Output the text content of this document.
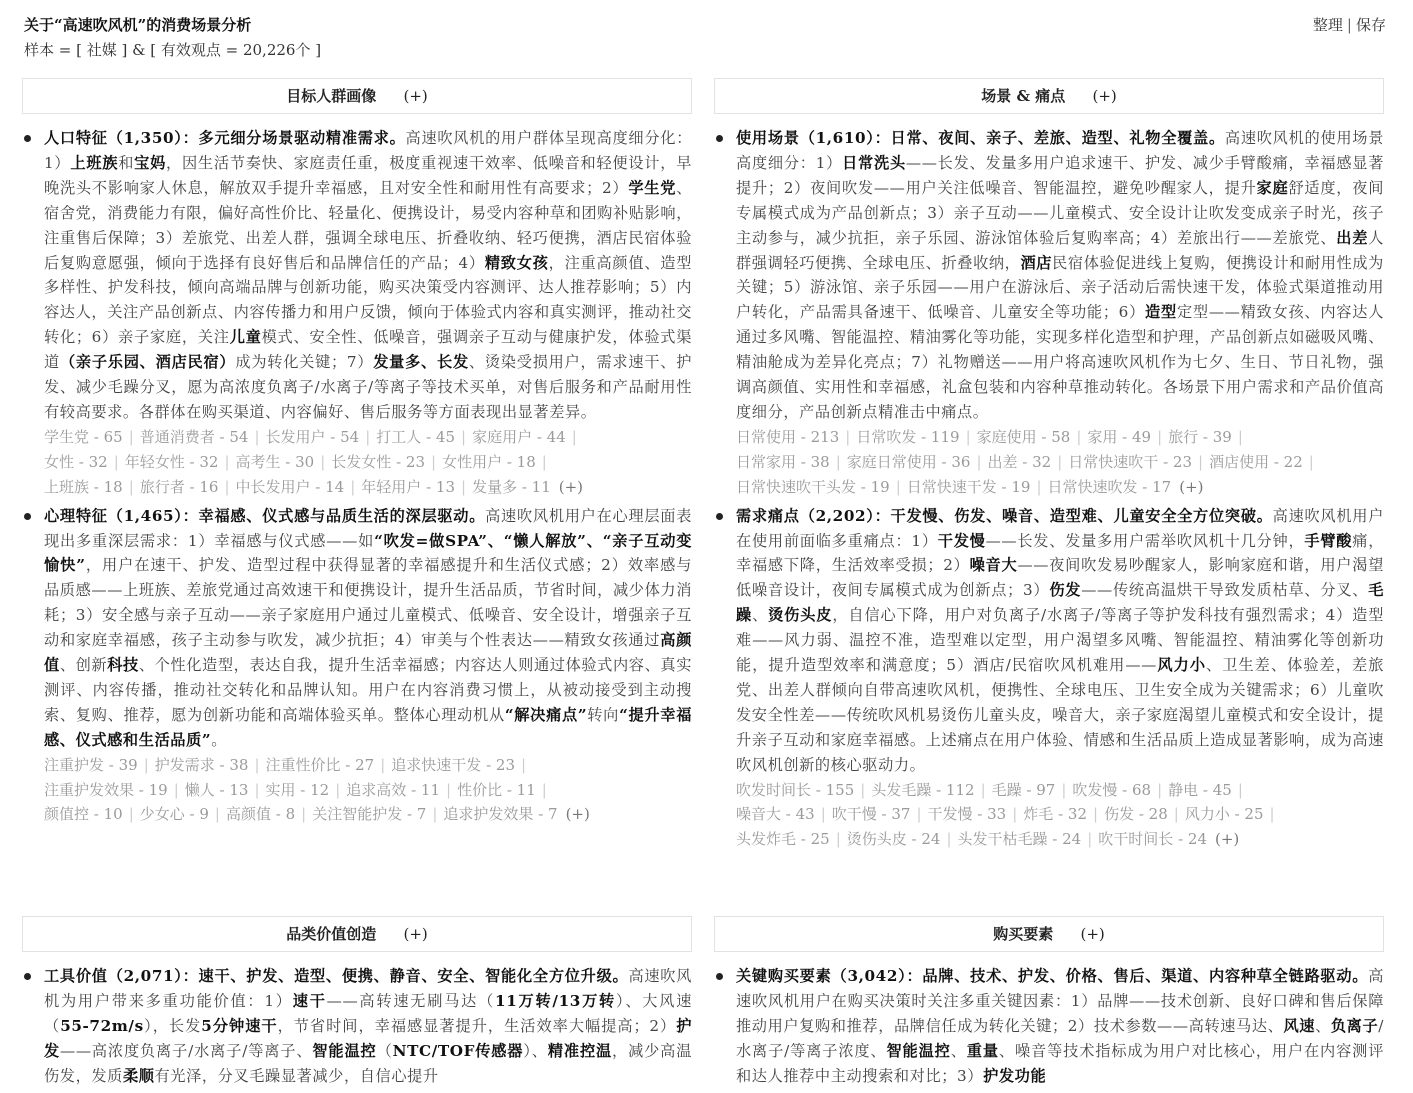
关于“高速吹风机”的消费场景分析
样本 = [ 社媒 ] & [ 有效观点 = 20,226个 ]
整理 | 保存
目标人群画像 (+)

人口特征（1,350）：多元细分场景驱动精准需求。高速吹风机的用户群体呈现高度细分化：1）上班族和宝妈，因生活节奏快、家庭责任重，极度重视速干效率、低噪音和轻便设计，早晚洗头不影响家人休息，解放双手提升幸福感，且对安全性和耐用性有高要求；2）学生党、宿舍党，消费能力有限，偏好高性价比、轻量化、便携设计，易受内容种草和团购补贴影响，注重售后保障；3）差旅党、出差人群，强调全球电压、折叠收纳、轻巧便携，酒店民宿体验后复购意愿强，倾向于选择有良好售后和品牌信任的产品；4）精致女孩，注重高颜值、造型多样性、护发科技，倾向高端品牌与创新功能，购买决策受内容测评、达人推荐影响；5）内容达人，关注产品创新点、内容传播力和用户反馈，倾向于体验式内容和真实测评，推动社交转化；6）亲子家庭，关注儿童模式、安全性、低噪音，强调亲子互动与健康护发，体验式渠道（亲子乐园、酒店民宿）成为转化关键；7）发量多、长发、烫染受损用户，需求速干、护发、减少毛躁分叉，愿为高浓度负离子/水离子/等离子等技术买单，对售后服务和产品耐用性有较高要求。各群体在购买渠道、内容偏好、售后服务等方面表现出显著差异。

学生党 - 65 | 普通消费者 - 54 | 长发用户 - 54 | 打工人 - 45 | 家庭用户 - 44 |
女性 - 32 | 年轻女性 - 32 | 高考生 - 30 | 长发女性 - 23 | 女性用户 - 18 |
上班族 - 18 | 旅行者 - 16 | 中长发用户 - 14 | 年轻用户 - 13 | 发量多 - 11 (+)

心理特征（1,465）：幸福感、仪式感与品质生活的深层驱动。高速吹风机用户在心理层面表现出多重深层需求：1）幸福感与仪式感——如“吹发=做SPA”、“懒人解放”、“亲子互动变愉快”，用户在速干、护发、造型过程中获得显著的幸福感提升和生活仪式感；2）效率感与品质感——上班族、差旅党通过高效速干和便携设计，提升生活品质，节省时间，减少体力消耗；3）安全感与亲子互动——亲子家庭用户通过儿童模式、低噪音、安全设计，增强亲子互动和家庭幸福感，孩子主动参与吹发，减少抗拒；4）审美与个性表达——精致女孩通过高颜值、创新科技、个性化造型，表达自我，提升生活幸福感；内容达人则通过体验式内容、真实测评、内容传播，推动社交转化和品牌认知。用户在内容消费习惯上，从被动接受到主动搜索、复购、推荐，愿为创新功能和高端体验买单。整体心理动机从“解决痛点”转向“提升幸福感、仪式感和生活品质”。

注重护发 - 39 | 护发需求 - 38 | 注重性价比 - 27 | 追求快速干发 - 23 |
注重护发效果 - 19 | 懒人 - 13 | 实用 - 12 | 追求高效 - 11 | 性价比 - 11 |
颜值控 - 10 | 少女心 - 9 | 高颜值 - 8 | 关注智能护发 - 7 | 追求护发效果 - 7 (+)
场景 & 痛点 (+)

使用场景（1,610）：日常、夜间、亲子、差旅、造型、礼物全覆盖。高速吹风机的使用场景高度细分：1）日常洗头——长发、发量多用户追求速干、护发、减少手臂酸痛，幸福感显著提升；2）夜间吹发——用户关注低噪音、智能温控，避免吵醒家人，提升家庭舒适度，夜间专属模式成为产品创新点；3）亲子互动——儿童模式、安全设计让吹发变成亲子时光，孩子主动参与，减少抗拒，亲子乐园、游泳馆体验后复购率高；4）差旅出行——差旅党、出差人群强调轻巧便携、全球电压、折叠收纳，酒店民宿体验促进线上复购，便携设计和耐用性成为关键；5）游泳馆、亲子乐园——用户在游泳后、亲子活动后需快速干发，体验式渠道推动用户转化，产品需具备速干、低噪音、儿童安全等功能；6）造型定型——精致女孩、内容达人通过多风嘴、智能温控、精油雾化等功能，实现多样化造型和护理，产品创新点如磁吸风嘴、精油舱成为差异化亮点；7）礼物赠送——用户将高速吹风机作为七夕、生日、节日礼物，强调高颜值、实用性和幸福感，礼盒包装和内容种草推动转化。各场景下用户需求和产品价值高度细分，产品创新点精准击中痛点。

日常使用 - 213 | 日常吹发 - 119 | 家庭使用 - 58 | 家用 - 49 | 旅行 - 39 |
日常家用 - 38 | 家庭日常使用 - 36 | 出差 - 32 | 日常快速吹干 - 23 | 酒店使用 - 22 |
日常快速吹干头发 - 19 | 日常快速干发 - 19 | 日常快速吹发 - 17 (+)

需求痛点（2,202）：干发慢、伤发、噪音、造型难、儿童安全全方位突破。高速吹风机用户在使用前面临多重痛点：1）干发慢——长发、发量多用户需举吹风机十几分钟，手臂酸痛，幸福感下降，生活效率受损；2）噪音大——夜间吹发易吵醒家人，影响家庭和谐，用户渴望低噪音设计，夜间专属模式成为创新点；3）伤发——传统高温烘干导致发质枯草、分叉、毛躁、烫伤头皮，自信心下降，用户对负离子/水离子/等离子等护发科技有强烈需求；4）造型难——风力弱、温控不准，造型难以定型，用户渴望多风嘴、智能温控、精油雾化等创新功能，提升造型效率和满意度；5）酒店/民宿吹风机难用——风力小、卫生差、体验差，差旅党、出差人群倾向自带高速吹风机，便携性、全球电压、卫生安全成为关键需求；6）儿童吹发安全性差——传统吹风机易烫伤儿童头皮，噪音大，亲子家庭渴望儿童模式和安全设计，提升亲子互动和家庭幸福感。上述痛点在用户体验、情感和生活品质上造成显著影响，成为高速吹风机创新的核心驱动力。

吹发时间长 - 155 | 头发毛躁 - 112 | 毛躁 - 97 | 吹发慢 - 68 | 静电 - 45 |
噪音大 - 43 | 吹干慢 - 37 | 干发慢 - 33 | 炸毛 - 32 | 伤发 - 28 | 风力小 - 25 |
头发炸毛 - 25 | 烫伤头皮 - 24 | 头发干枯毛躁 - 24 | 吹干时间长 - 24 (+)
品类价值创造 (+)

工具价值（2,071）：速干、护发、造型、便携、静音、安全、智能化全方位升级。高速吹风机为用户带来多重功能价值：1）速干——高转速无刷马达（11万转/13万转）、大风速（55-72m/s），长发5分钟速干，节省时间，幸福感显著提升，生活效率大幅提高；2）护发——高浓度负离子/水离子/等离子、智能温控（NTC/TOF传感器）、精准控温，减少高温伤发，发质柔顺有光泽，分叉毛躁显著减少，自信心提升

购买要素 (+)

关键购买要素（3,042）：品牌、技术、护发、价格、售后、渠道、内容种草全链路驱动。高速吹风机用户在购买决策时关注多重关键因素：1）品牌——技术创新、良好口碑和售后保障推动用户复购和推荐，品牌信任成为转化关键；2）技术参数——高转速马达、风速、负离子/水离子/等离子浓度、智能温控、重量、噪音等技术指标成为用户对比核心，用户在内容测评和达人推荐中主动搜索和对比；3）护发功能
